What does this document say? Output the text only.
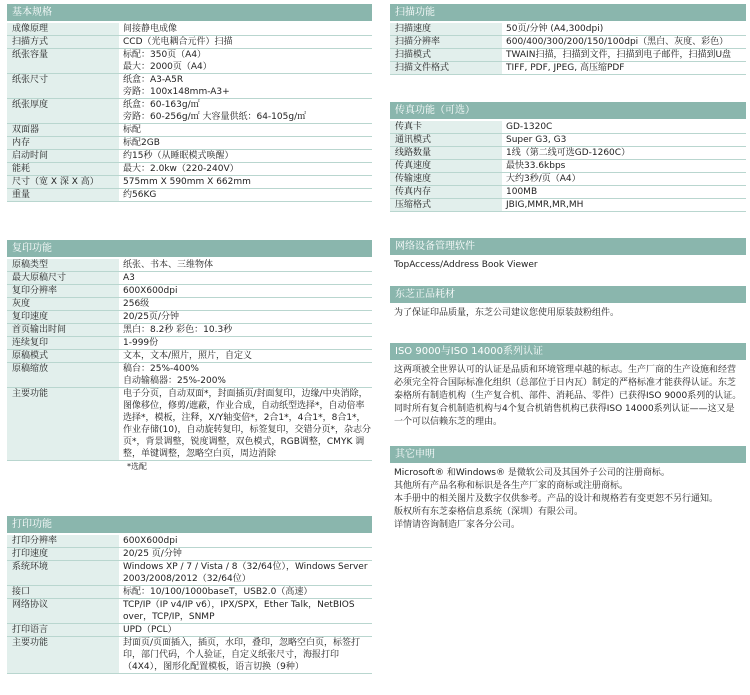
基本规格
成像原理	间接静电成像
扫描方式	CCD（光电耦合元件）扫描
纸张容量	标配：350页（A4）
最大：2000页（A4）
纸张尺寸	纸盒：A3-A5R
旁路：100x148mm-A3+
纸张厚度	纸盒：60-163g/㎡
旁路：60-256g/㎡ 大容量供纸：64-105g/㎡
双面器	标配
内存	标配2GB
启动时间	约15秒（从睡眠模式唤醒）
能耗	最大：2.0kw（220-240V）
尺寸（宽 X 深 X 高）	575mm X 590mm X 662mm
重量	约56KG
复印功能
原稿类型	纸张、书本、三维物体
最大原稿尺寸	A3
复印分辨率	600X600dpi
灰度	256级
复印速度	20/25页/分钟
首页输出时间	黑白：8.2秒 彩色：10.3秒
连续复印	1-999份
原稿模式	文本，文本/照片，照片，自定义
原稿缩放	稿台：25%-400%
自动输稿器：25%-200%
主要功能	电子分页，自动双面*，封面插页/封面复印，边缘/中央消除，图像移位，修剪/遮蔽，作业合成，自动纸型选择*，自动倍率选择*，模板，注释，X/Y轴变倍*，2合1*，4合1*，8合1*，作业存储(10)，自动旋转复印，标签复印，交错分页*，杂志分页*，背景调整，锐度调整，双色模式，RGB调整，CMYK 调整，单键调整，忽略空白页，周边消除
*选配
打印功能
打印分辨率	600X600dpi
打印速度	20/25 页/分钟
系统环境	Windows XP / 7 / Vista / 8（32/64位），Windows Server 2003/2008/2012（32/64位）
接口	标配：10/100/1000baseT，USB2.0（高速）
网络协议	TCP/IP（IP v4/IP v6），IPX/SPX，Ether Talk，NetBIOS over，TCP/IP，SNMP
打印语言	UPD（PCL）
主要功能	封面页/页面插入，插页，水印，叠印，忽略空白页，标签打印，部门代码，个人验证，自定义纸张尺寸，海报打印（4X4），图形化配置模板，语言切换（9种）
扫描功能
扫描速度	50页/分钟 (A4,300dpi)
扫描分辨率	600/400/300/200/150/100dpi（黑白、灰度、彩色）
扫描模式	TWAIN扫描，扫描到文件，扫描到电子邮件，扫描到U盘
扫描文件格式	TIFF, PDF, JPEG, 高压缩PDF
传真功能（可选）
传真卡	GD-1320C
通讯模式	Super G3, G3
线路数量	1线（第二线可选GD-1260C）
传真速度	最快33.6kbps
传输速度	大约3秒/页（A4）
传真内存	100MB
压缩格式	JBIG,MMR,MR,MH
网络设备管理软件
TopAccess/Address Book Viewer
东芝正品耗材
为了保证印品质量，东芝公司建议您使用原装鼓粉组件。
ISO 9000与ISO 14000系列认证
这两项被全世界认可的认证是品质和环境管理卓越的标志。生产厂商的生产设施和经营必须完全符合国际标准化组织（总部位于日内瓦）制定的严格标准才能获得认证。东芝泰格所有制造机构（生产复合机、部件、消耗品、零件）已获得ISO 9000系列的认证。同时所有复合机制造机构与4个复合机销售机构已获得ISO 14000系列认证——这又是一个可以信赖东芝的理由。
其它申明
Microsoft® 和Windows® 是微软公司及其国外子公司的注册商标。
其他所有产品名称和标识是各生产厂家的商标或注册商标。
本手册中的相关图片及数字仅供参考。产品的设计和规格若有变更恕不另行通知。
版权所有东芝泰格信息系统（深圳）有限公司。
详情请咨询制造厂家各分公司。
